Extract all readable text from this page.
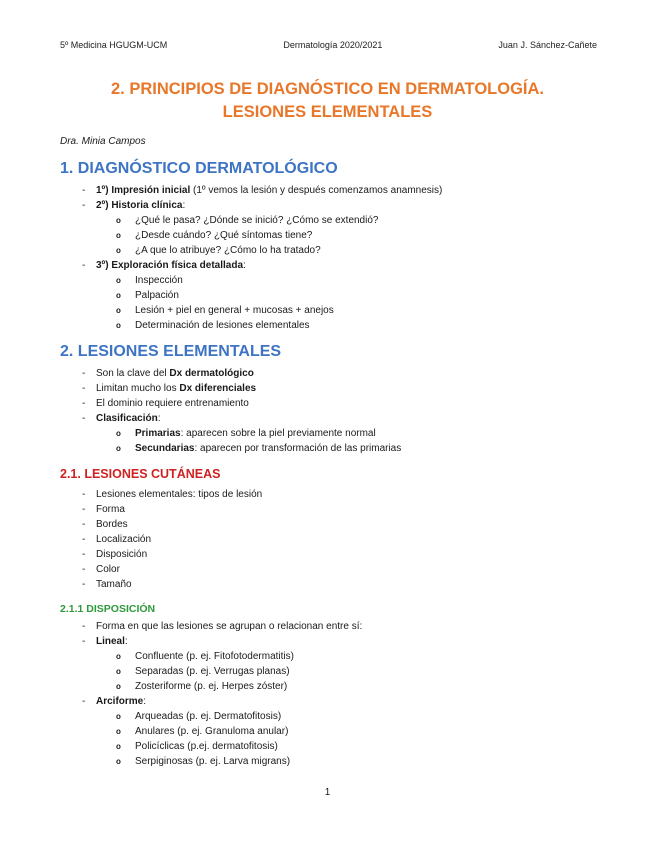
5º Medicina HGUGM-UCM	Dermatología 2020/2021	Juan J. Sánchez-Cañete
2. PRINCIPIOS DE DIAGNÓSTICO EN DERMATOLOGÍA.
LESIONES ELEMENTALES
Dra. Minia Campos
1. DIAGNÓSTICO DERMATOLÓGICO
- 1º) Impresión inicial (1º vemos la lesión y después comenzamos anamnesis)
- 2º) Historia clínica:
o ¿Qué le pasa? ¿Dónde se inició? ¿Cómo se extendió?
o ¿Desde cuándo? ¿Qué síntomas tiene?
o ¿A que lo atribuye? ¿Cómo lo ha tratado?
- 3º) Exploración física detallada:
o Inspección
o Palpación
o Lesión + piel en general + mucosas + anejos
o Determinación de lesiones elementales
2. LESIONES ELEMENTALES
- Son la clave del Dx dermatológico
- Limitan mucho los Dx diferenciales
- El dominio requiere entrenamiento
- Clasificación:
o Primarias: aparecen sobre la piel previamente normal
o Secundarias: aparecen por transformación de las primarias
2.1. LESIONES CUTÁNEAS
- Lesiones elementales: tipos de lesión
- Forma
- Bordes
- Localización
- Disposición
- Color
- Tamaño
2.1.1 DISPOSICIÓN
- Forma en que las lesiones se agrupan o relacionan entre sí:
- Lineal:
o Confluente (p. ej. Fitofotodermatitis)
o Separadas (p. ej. Verrugas planas)
o Zosteriforme (p. ej. Herpes zóster)
- Arciforme:
o Arqueadas (p. ej. Dermatofitosis)
o Anulares (p. ej. Granuloma anular)
o Policíclicas (p.ej. dermatofitosis)
o Serpiginosas (p. ej. Larva migrans)
1
